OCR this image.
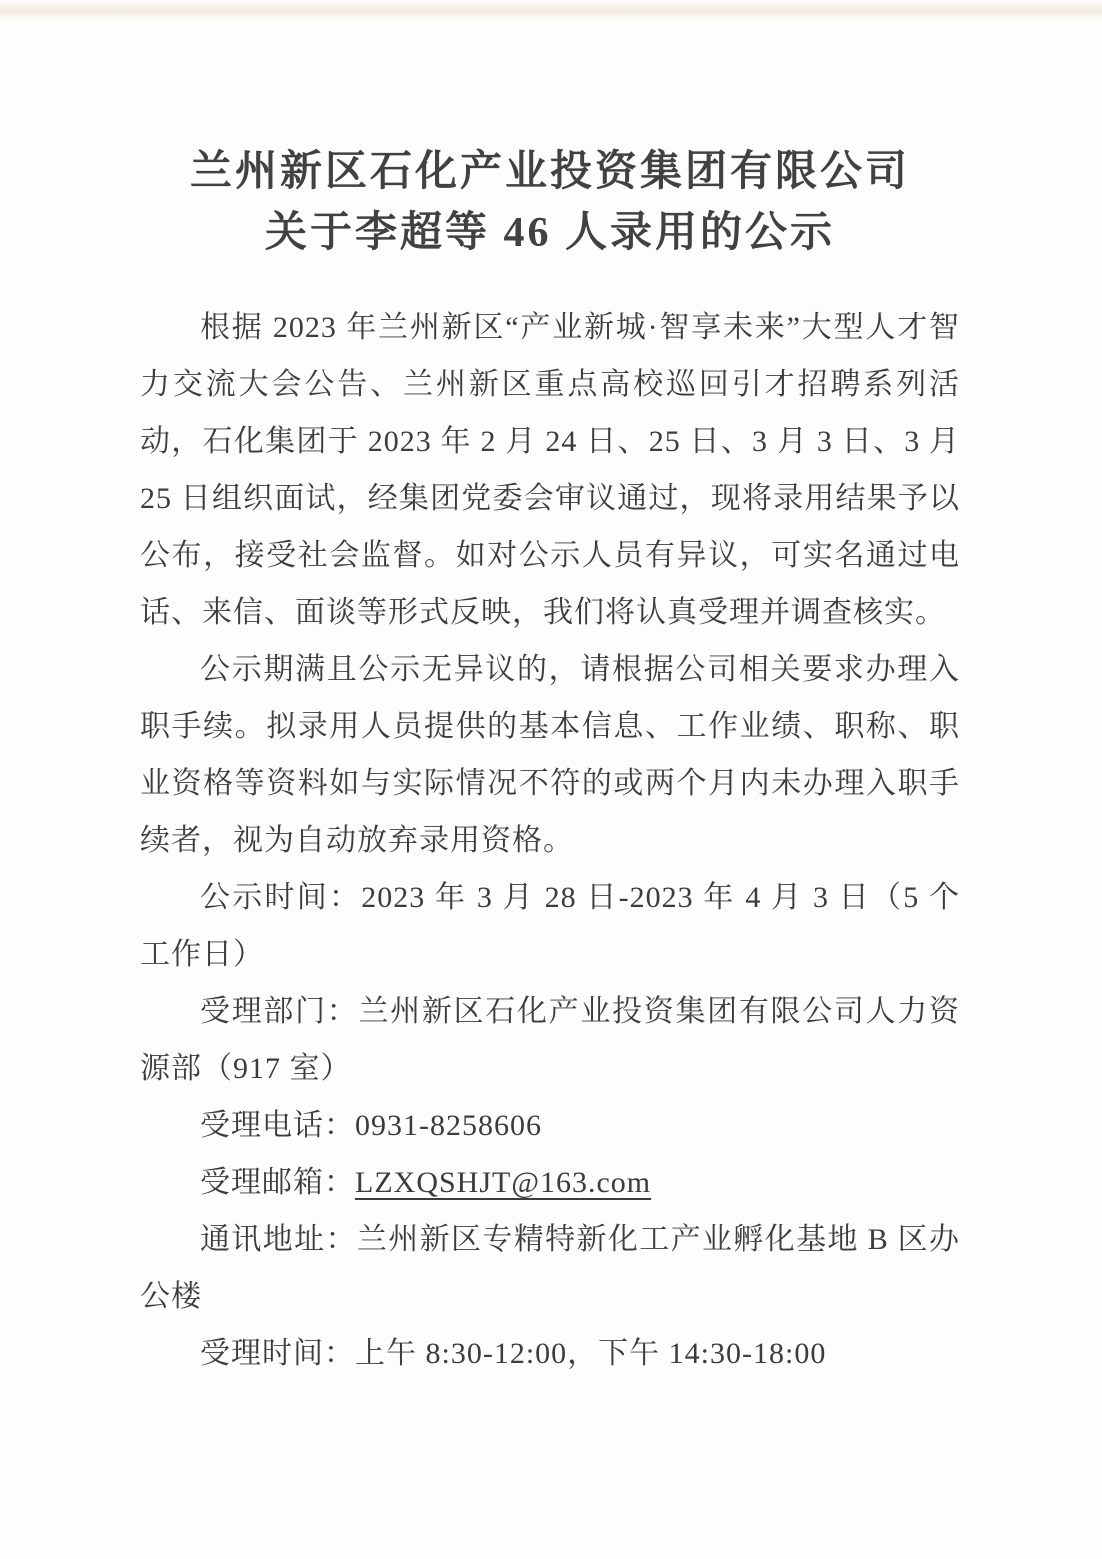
兰州新区石化产业投资集团有限公司
关于李超等 46 人录用的公示

根据 2023 年兰州新区“产业新城·智享未来”大型人才智力交流大会公告、兰州新区重点高校巡回引才招聘系列活动，石化集团于 2023 年 2 月 24 日、25 日、3 月 3 日、3 月 25 日组织面试，经集团党委会审议通过，现将录用结果予以公布，接受社会监督。如对公示人员有异议，可实名通过电话、来信、面谈等形式反映，我们将认真受理并调查核实。

公示期满且公示无异议的，请根据公司相关要求办理入职手续。拟录用人员提供的基本信息、工作业绩、职称、职业资格等资料如与实际情况不符的或两个月内未办理入职手续者，视为自动放弃录用资格。

公示时间：2023 年 3 月 28 日-2023 年 4 月 3 日（5 个工作日）

受理部门：兰州新区石化产业投资集团有限公司人力资源部（917 室）

受理电话：0931-8258606

受理邮箱：LZXQSHJT@163.com

通讯地址：兰州新区专精特新化工产业孵化基地 B 区办公楼

受理时间：上午 8:30-12:00，下午 14:30-18:00
